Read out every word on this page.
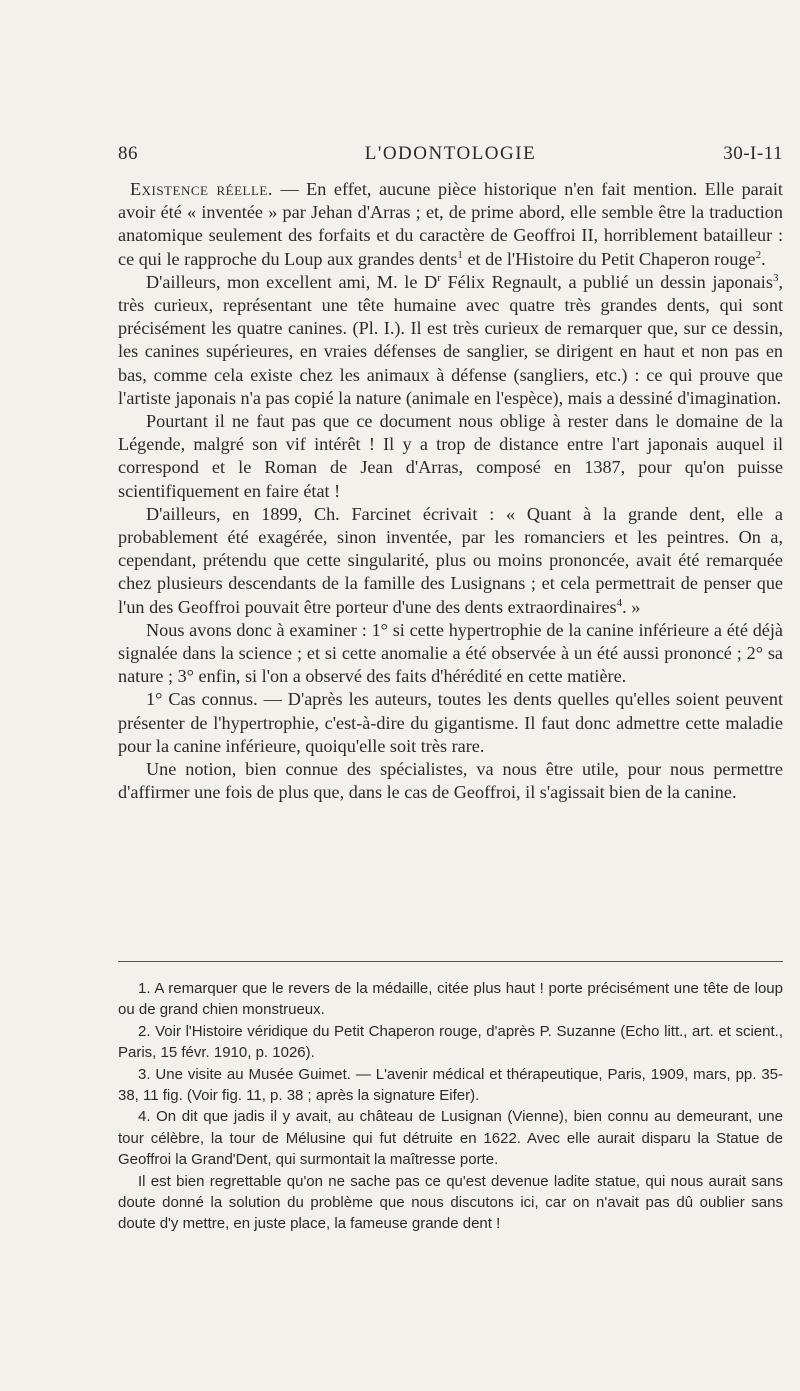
86	L'ODONTOLOGIE	30-I-11

Existence réelle. — En effet, aucune pièce historique n'en fait mention. Elle parait avoir été « inventée » par Jehan d'Arras ; et, de prime abord, elle semble être la traduction anatomique seulement des forfaits et du caractère de Geoffroi II, horriblement batailleur : ce qui le rapproche du Loup aux grandes dents$^1$ et de l'Histoire du Petit Chaperon rouge$^2$.

D'ailleurs, mon excellent ami, M. le $D^r$ Félix Regnault, a publié un dessin japonais$^3$, très curieux, représentant une tête humaine avec quatre très grandes dents, qui sont précisément les quatre canines. (Pl. I.). Il est très curieux de remarquer que, sur ce dessin, les canines supérieures, en vraies défenses de sanglier, se dirigent en haut et non pas en bas, comme cela existe chez les animaux à défense (sangliers, etc.) : ce qui prouve que l'artiste japonais n'a pas copié la nature (animale en l'espèce), mais a dessiné d'imagination.

Pourtant il ne faut pas que ce document nous oblige à rester dans le domaine de la Légende, malgré son vif intérêt ! Il y a trop de distance entre l'art japonais auquel il correspond et le Roman de Jean d'Arras, composé en 1387, pour qu'on puisse scientifiquement en faire état !

D'ailleurs, en 1899, Ch. Farcinet écrivait : « Quant à la grande dent, elle a probablement été exagérée, sinon inventée, par les romanciers et les peintres. On a, cependant, prétendu que cette singularité, plus ou moins prononcée, avait été remarquée chez plusieurs descendants de la famille des Lusignans ; et cela permettrait de penser que l'un des Geoffroi pouvait être porteur d'une des dents extraordinaires$^4$. »

Nous avons donc à examiner : 1° si cette hypertrophie de la canine inférieure a été déjà signalée dans la science ; et si cette anomalie a été observée à un été aussi prononcé ; 2° sa nature ; 3° enfin, si l'on a observé des faits d'hérédité en cette matière.

1° Cas connus. — D'après les auteurs, toutes les dents quelles qu'elles soient peuvent présenter de l'hypertrophie, c'est-à-dire du gigantisme. Il faut donc admettre cette maladie pour la canine inférieure, quoiqu'elle soit très rare.

Une notion, bien connue des spécialistes, va nous être utile, pour nous permettre d'affirmer une fois de plus que, dans le cas de Geoffroi, il s'agissait bien de la canine.

1. A remarquer que le revers de la médaille, citée plus haut ! porte précisément une tête de loup ou de grand chien monstrueux.

2. Voir l'Histoire véridique du Petit Chaperon rouge, d'après P. Suzanne (Echo litt., art. et scient., Paris, 15 févr. 1910, p. 1026).

3. Une visite au Musée Guimet. — L'avenir médical et thérapeutique, Paris, 1909, mars, pp. 35-38, 11 fig. (Voir fig. 11, p. 38 ; après la signature Eifer).

4. On dit que jadis il y avait, au château de Lusignan (Vienne), bien connu au demeurant, une tour célèbre, la tour de Mélusine qui fut détruite en 1622. Avec elle aurait disparu la Statue de Geoffroi la Grand'Dent, qui surmontait la maîtresse porte.

Il est bien regrettable qu'on ne sache pas ce qu'est devenue ladite statue, qui nous aurait sans doute donné la solution du problème que nous discutons ici, car on n'avait pas dû oublier sans doute d'y mettre, en juste place, la fameuse grande dent !
